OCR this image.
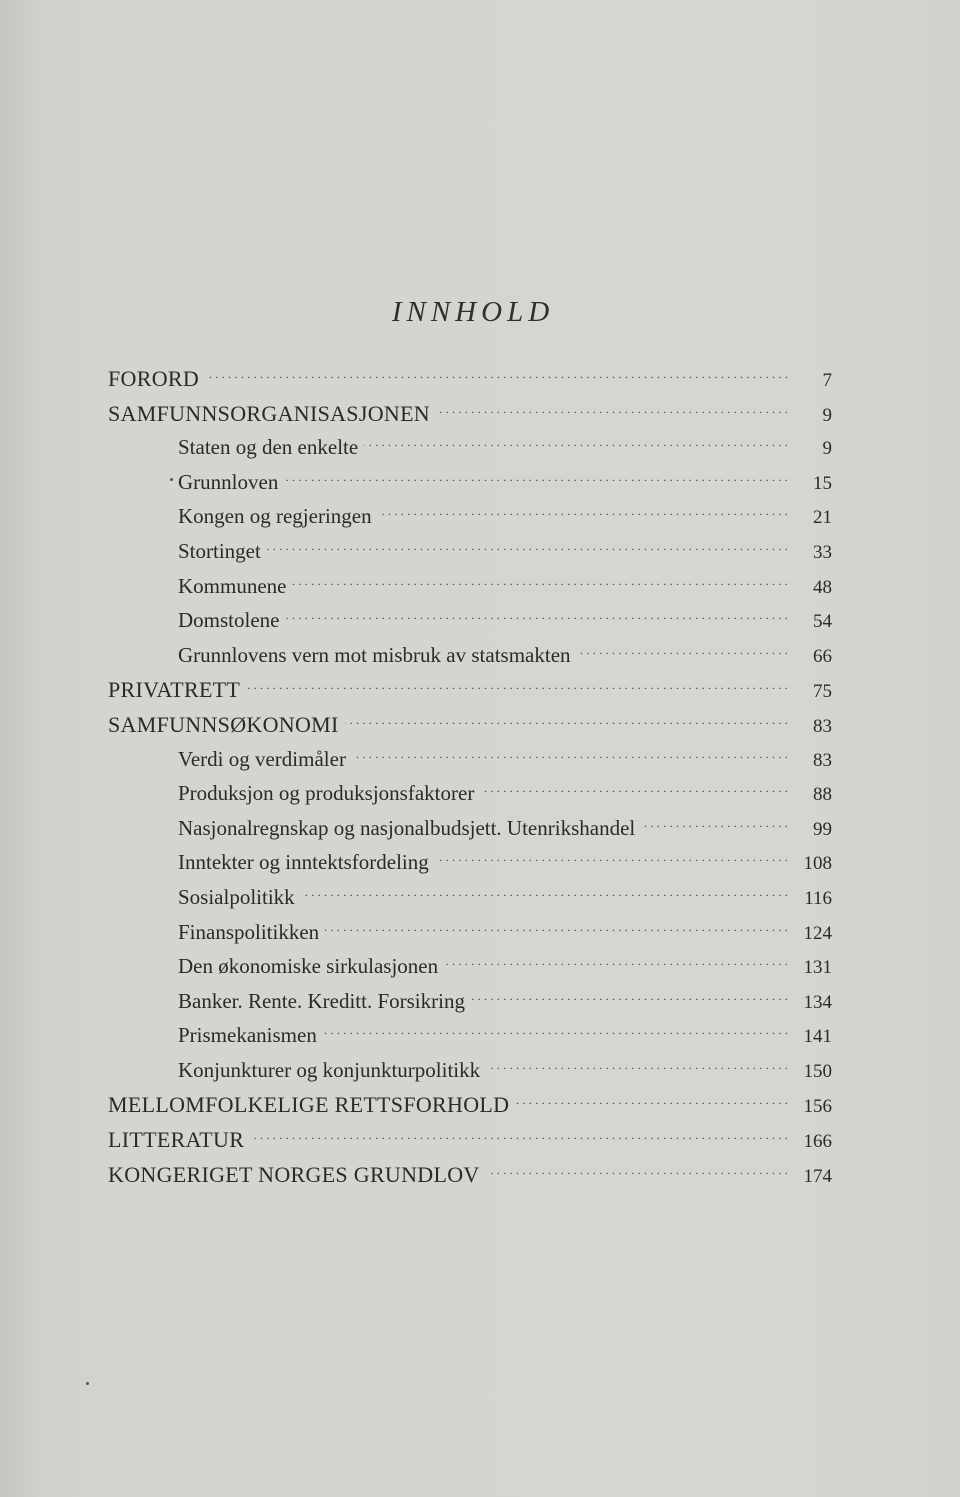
INNHOLD
FORORD . . .	7
SAMFUNNSORGANISASJONEN . . .	9
Staten og den enkelte . . .	9
Grunnloven . . .	15
Kongen og regjeringen . . .	21
Stortinget . . .	33
Kommunene . . .	48
Domstolene . . .	54
Grunnlovens vern mot misbruk av statsmakten . . .	66
PRIVATRETT . . .	75
SAMFUNNSØKONOMI . . .	83
Verdi og verdimåler . . .	83
Produksjon og produksjonsfaktorer . . .	88
Nasjonalregnskap og nasjonalbudsjett. Utenrikshandel . . .	99
Inntekter og inntektsfordeling . . .	108
Sosialpolitikk . . .	116
Finanspolitikken . . .	124
Den økonomiske sirkulasjonen . . .	131
Banker. Rente. Kreditt. Forsikring . . .	134
Prismekanismen . . .	141
Konjunkturer og konjunkturpolitikk . . .	150
MELLOMFOLKELIGE RETTSFORHOLD . . .	156
LITTERATUR . . .	166
KONGERIGET NORGES GRUNDLOV . . .	174
